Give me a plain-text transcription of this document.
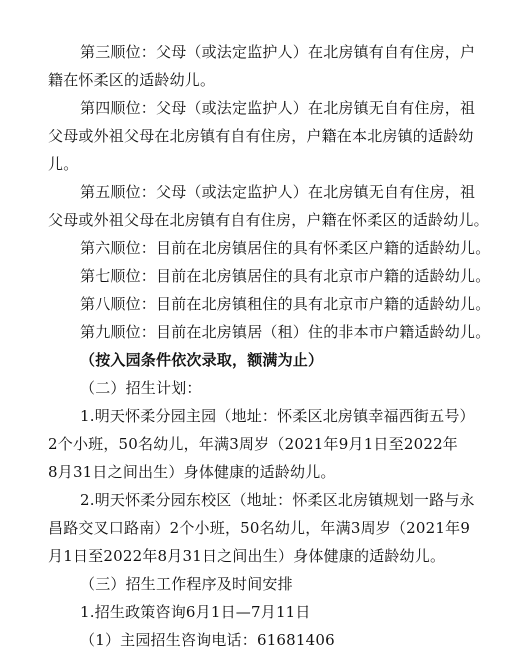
第三顺位：父母（或法定监护人）在北房镇有自有住房，户
籍在怀柔区的适龄幼儿。
第四顺位：父母（或法定监护人）在北房镇无自有住房，祖
父母或外祖父母在北房镇有自有住房，户籍在本北房镇的适龄幼
儿。
第五顺位：父母（或法定监护人）在北房镇无自有住房，祖
父母或外祖父母在北房镇有自有住房，户籍在怀柔区的适龄幼儿。
第六顺位：目前在北房镇居住的具有怀柔区户籍的适龄幼儿。
第七顺位：目前在北房镇居住的具有北京市户籍的适龄幼儿。
第八顺位：目前在北房镇租住的具有北京市户籍的适龄幼儿。
第九顺位：目前在北房镇居（租）住的非本市户籍适龄幼儿。
（按入园条件依次录取，额满为止）
（二）招生计划：
1.明天怀柔分园主园（地址：怀柔区北房镇幸福西街五号）
2个小班，50名幼儿，年满3周岁（2021年9月1日至2022年
8月31日之间出生）身体健康的适龄幼儿。
2.明天怀柔分园东校区（地址：怀柔区北房镇规划一路与永
昌路交叉口路南）2个小班，50名幼儿，年满3周岁（2021年9
月1日至2022年8月31日之间出生）身体健康的适龄幼儿。
（三）招生工作程序及时间安排
1.招生政策咨询6月1日—7月11日
（1）主园招生咨询电话：61681406
